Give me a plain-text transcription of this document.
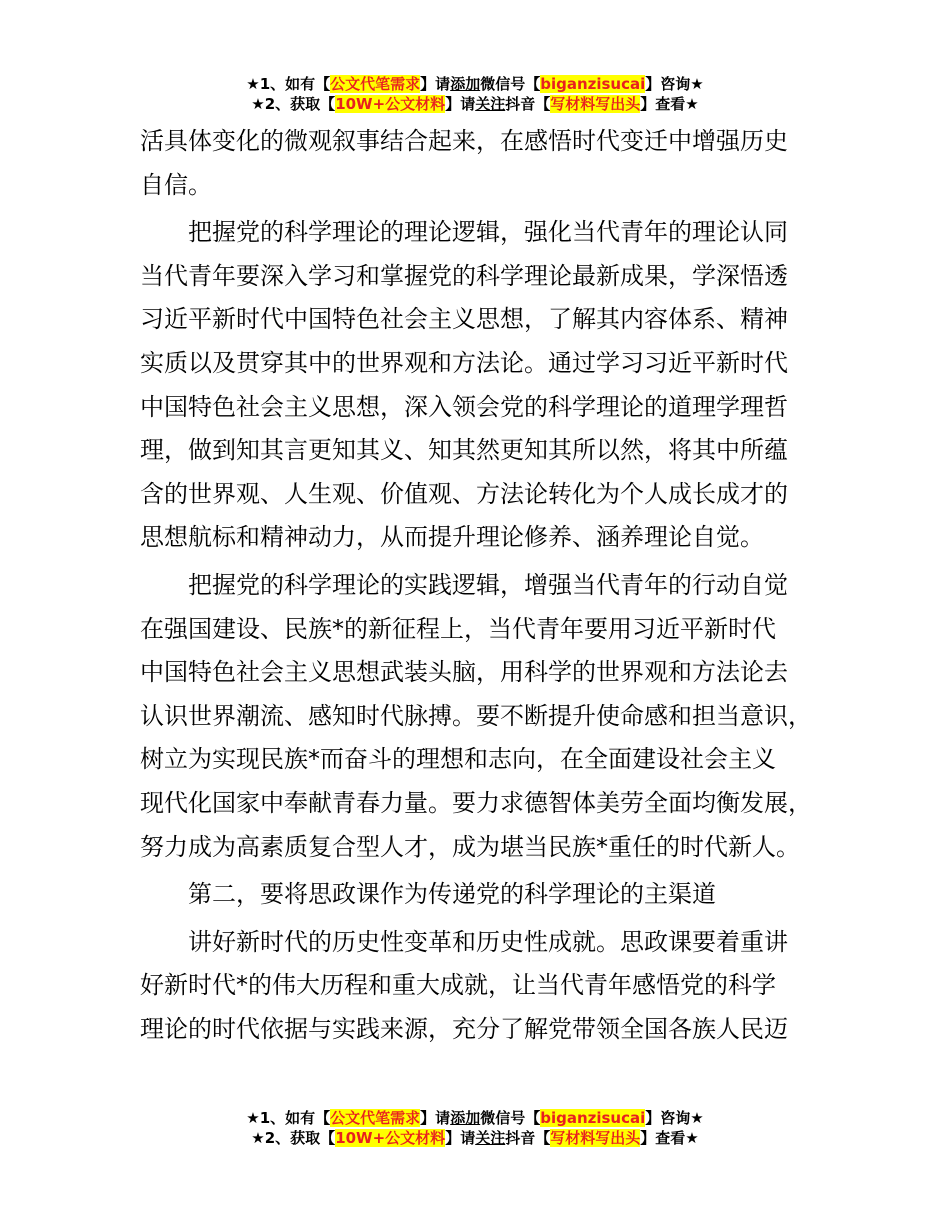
★1、如有【公文代笔需求】请添加微信号【biganzisucai】咨询★
★2、获取【10W+公文材料】请关注抖音【写材料写出头】查看★
活具体变化的微观叙事结合起来，在感悟时代变迁中增强历史
自信。
把握党的科学理论的理论逻辑，强化当代青年的理论认同
当代青年要深入学习和掌握党的科学理论最新成果，学深悟透
习近平新时代中国特色社会主义思想，了解其内容体系、精神
实质以及贯穿其中的世界观和方法论。通过学习习近平新时代
中国特色社会主义思想，深入领会党的科学理论的道理学理哲
理，做到知其言更知其义、知其然更知其所以然，将其中所蕴
含的世界观、人生观、价值观、方法论转化为个人成长成才的
思想航标和精神动力，从而提升理论修养、涵养理论自觉。
把握党的科学理论的实践逻辑，增强当代青年的行动自觉
在强国建设、民族*的新征程上，当代青年要用习近平新时代
中国特色社会主义思想武装头脑，用科学的世界观和方法论去
认识世界潮流、感知时代脉搏。要不断提升使命感和担当意识，
树立为实现民族*而奋斗的理想和志向，在全面建设社会主义
现代化国家中奉献青春力量。要力求德智体美劳全面均衡发展，
努力成为高素质复合型人才，成为堪当民族*重任的时代新人。
第二，要将思政课作为传递党的科学理论的主渠道
讲好新时代的历史性变革和历史性成就。思政课要着重讲
好新时代*的伟大历程和重大成就，让当代青年感悟党的科学
理论的时代依据与实践来源，充分了解党带领全国各族人民迈
★1、如有【公文代笔需求】请添加微信号【biganzisucai】咨询★
★2、获取【10W+公文材料】请关注抖音【写材料写出头】查看★
